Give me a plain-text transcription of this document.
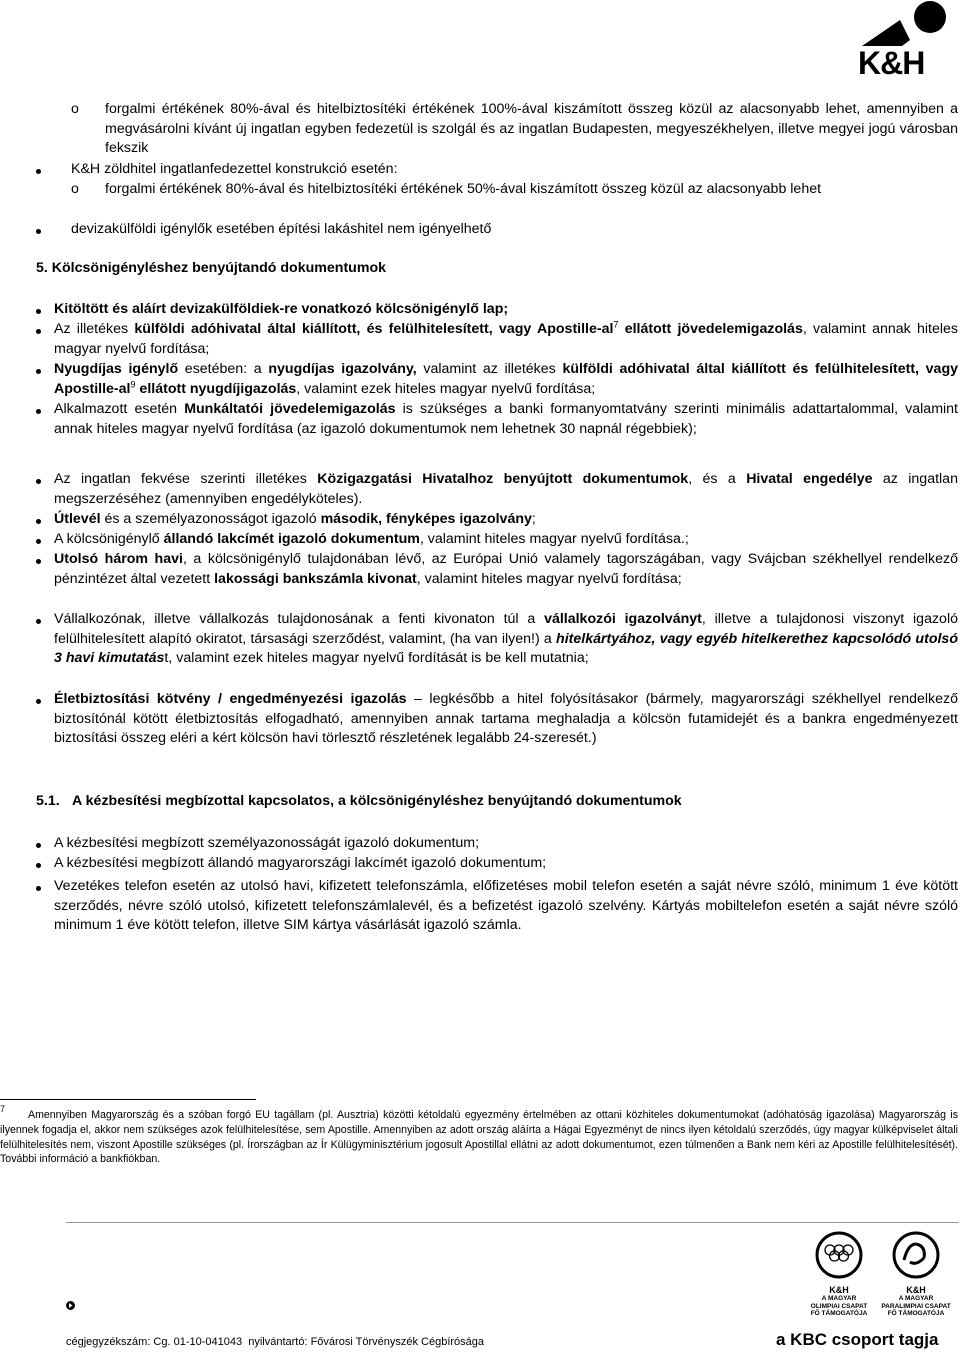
K&H
o forgalmi értékének 80%-ával és hitelbiztosítéki értékének 100%-ával kiszámított összeg közül az alacsonyabb lehet, amennyiben a megvásárolni kívánt új ingatlan egyben fedezetül is szolgál és az ingatlan Budapesten, megyeszékhelyen, illetve megyei jogú városban fekszik
K&H zöldhitel ingatlanfedezettel konstrukció esetén:
o forgalmi értékének 80%-ával és hitelbiztosítéki értékének 50%-ával kiszámított összeg közül az alacsonyabb lehet
devizakülföldi igénylők esetében építési lakáshitel nem igényelhető
5. Kölcsönigényléshez benyújtandó dokumentumok
Kitöltött és aláírt devizakülföldiek-re vonatkozó kölcsönigénylő lap;
Az illetékes külföldi adóhivatal által kiállított, és felülhitelesített, vagy Apostille-$al^7$ ellátott jövedelemigazolás, valamint annak hiteles magyar nyelvű fordítása;
Nyugdíjas igénylő esetében: a nyugdíjas igazolvány, valamint az illetékes külföldi adóhivatal által kiállított és felülhitelesített, vagy Apostille-$al^9$ ellátott nyugdíjigazolás, valamint ezek hiteles magyar nyelvű fordítása;
Alkalmazott esetén Munkáltatói jövedelemigazolás is szükséges a banki formanyomtatvány szerinti minimális adattartalommal, valamint annak hiteles magyar nyelvű fordítása (az igazoló dokumentumok nem lehetnek 30 napnál régebbiek);
Az ingatlan fekvése szerinti illetékes Közigazgatási Hivatalhoz benyújtott dokumentumok, és a Hivatal engedélye az ingatlan megszerzéséhez (amennyiben engedélyköteles).
Útlevél és a személyazonosságot igazoló második, fényképes igazolvány;
A kölcsönigénylő állandó lakcímét igazoló dokumentum, valamint hiteles magyar nyelvű fordítása.;
Utolsó három havi, a kölcsönigénylő tulajdonában lévő, az Európai Unió valamely tagországában, vagy Svájcban székhellyel rendelkező pénzintézet által vezetett lakossági bankszámla kivonat, valamint hiteles magyar nyelvű fordítása;
Vállalkozónak, illetve vállalkozás tulajdonosának a fenti kivonaton túl a vállalkozói igazolványt, illetve a tulajdonosi viszonyt igazoló felülhitelesített alapító okiratot, társasági szerződést, valamint, (ha van ilyen!) a hitelkártyához, vagy egyéb hitelkerethez kapcsolódó utolsó 3 havi kimutatást, valamint ezek hiteles magyar nyelvű fordítását is be kell mutatnia;
Életbiztosítási kötvény / engedményezési igazolás – legkésőbb a hitel folyósításakor (bármely, magyarországi székhellyel rendelkező biztosítónál kötött életbiztosítás elfogadható, amennyiben annak tartama meghaladja a kölcsön futamidejét és a bankra engedményezett biztosítási összeg eléri a kért kölcsön havi törlesztő részletének legalább 24-szeresét.)
5.1. A kézbesítési megbízottal kapcsolatos, a kölcsönigényléshez benyújtandó dokumentumok
A kézbesítési megbízott személyazonosságát igazoló dokumentum;
A kézbesítési megbízott állandó magyarországi lakcímét igazoló dokumentum;
Vezetékes telefon esetén az utolsó havi, kifizetett telefonszámla, előfizetéses mobil telefon esetén a saját névre szóló, minimum 1 éve kötött szerződés, névre szóló utolsó, kifizetett telefonszámlalevél, és a befizetést igazoló szelvény. Kártyás mobiltelefon esetén a saját névre szóló minimum 1 éve kötött telefon, illetve SIM kártya vásárlását igazoló számla.
7	Amennyiben Magyarország és a szóban forgó EU tagállam (pl. Ausztria) közötti kétoldalú egyezmény értelmében az ottani közhiteles dokumentumokat (adóhatóság igazolása) Magyarország is ilyennek fogadja el, akkor nem szükséges azok felülhitelesítése, sem Apostille. Amennyiben az adott ország aláírta a Hágai Egyezményt de nincs ilyen kétoldalú szerződés, úgy magyar külképviselet általi felülhitelesítés nem, viszont Apostille szükséges (pl. Írországban az Ír Külügyminisztérium jogosult Apostillal ellátni az adott dokumentumot, ezen túlmenően a Bank nem kéri az Apostille felülhitelesítését). További információ a bankfiókban.
K&H
A MAGYAR
OLIMPIAI CSAPAT
FŐ TÁMOGATÓJA
K&H
A MAGYAR
PARALIMPIAI CSAPAT
FŐ TÁMOGATÓJA
cégjegyzékszám: Cg. 01-10-041043  nyilvántartó: Fővárosi Törvényszék Cégbírósága	a KBC csoport tagja
